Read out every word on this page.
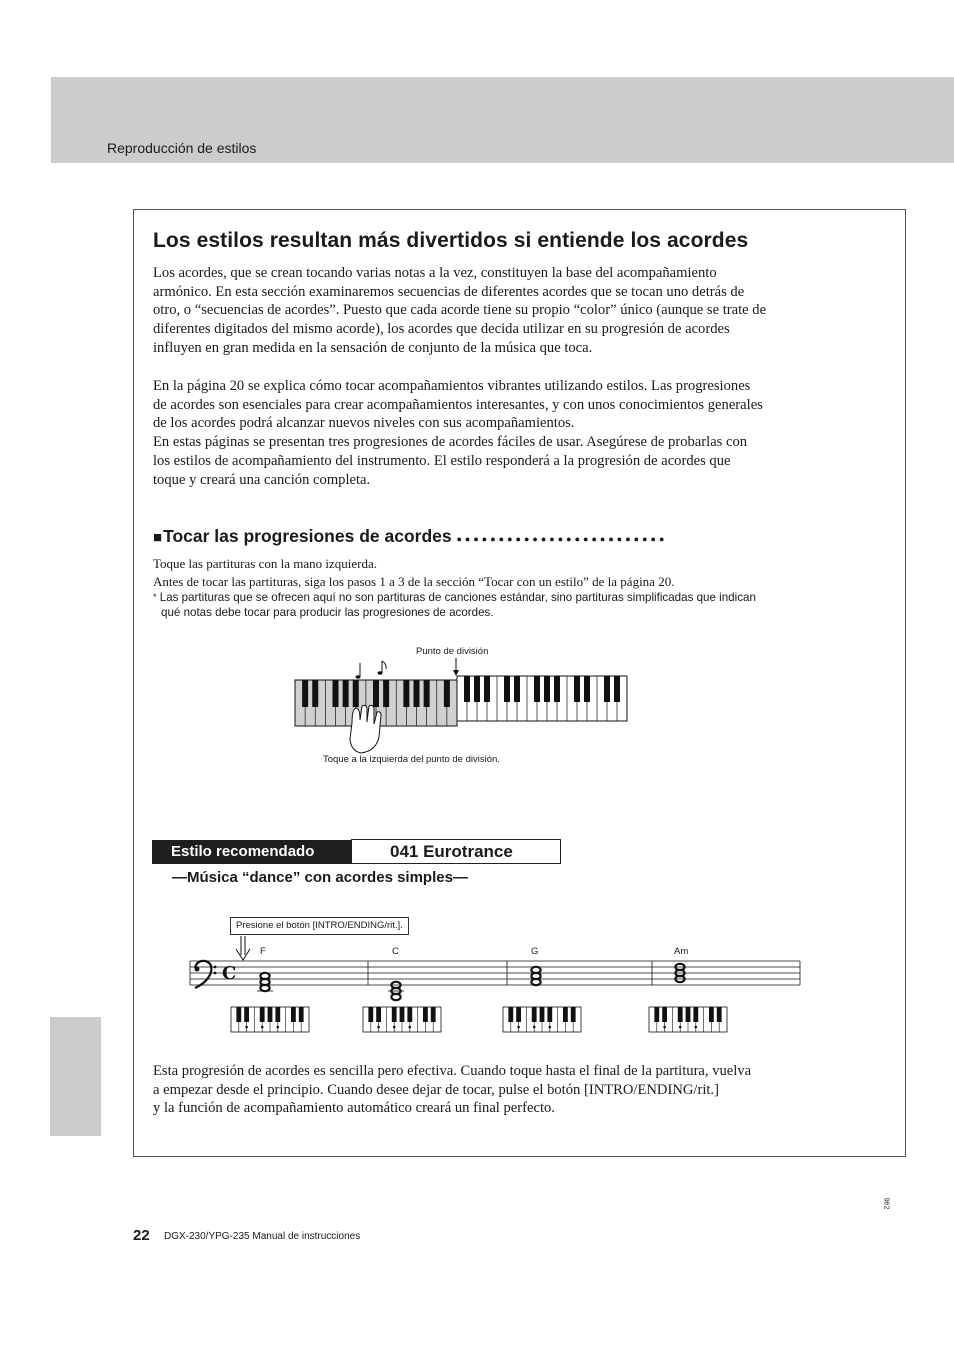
Reproducción de estilos
Los estilos resultan más divertidos si entiende los acordes
Los acordes, que se crean tocando varias notas a la vez, constituyen la base del acompañamiento
armónico. En esta sección examinaremos secuencias de diferentes acordes que se tocan uno detrás de
otro, o “secuencias de acordes”. Puesto que cada acorde tiene su propio “color” único (aunque se trate de
diferentes digitados del mismo acorde), los acordes que decida utilizar en su progresión de acordes
influyen en gran medida en la sensación de conjunto de la música que toca.
En la página 20 se explica cómo tocar acompañamientos vibrantes utilizando estilos. Las progresiones
de acordes son esenciales para crear acompañamientos interesantes, y con unos conocimientos generales
de los acordes podrá alcanzar nuevos niveles con sus acompañamientos.
En estas páginas se presentan tres progresiones de acordes fáciles de usar. Asegúrese de probarlas con
los estilos de acompañamiento del instrumento. El estilo responderá a la progresión de acordes que
toque y creará una canción completa.
■Tocar las progresiones de acordes ●●●●●●●●●●●●●●●●●●●●●●●●●
Toque las partituras con la mano izquierda.
Antes de tocar las partituras, siga los pasos 1 a 3 de la sección “Tocar con un estilo” de la página 20.
* Las partituras que se ofrecen aquí no son partituras de canciones estándar, sino partituras simplificadas que indican
qué notas debe tocar para producir las progresiones de acordes.
Punto de división
Toque a la izquierda del punto de división.
Estilo recomendado	041 Eurotrance
—Música “dance” con acordes simples—
Presione el botón [INTRO/ENDING/rit.].
F	C	G	Am
C
Esta progresión de acordes es sencilla pero efectiva. Cuando toque hasta el final de la partitura, vuelva
a empezar desde el principio. Cuando desee dejar de tocar, pulse el botón [INTRO/ENDING/rit.]
y la función de acompañamiento automático creará un final perfecto.
22 DGX-230/YPG-235 Manual de instrucciones
962
